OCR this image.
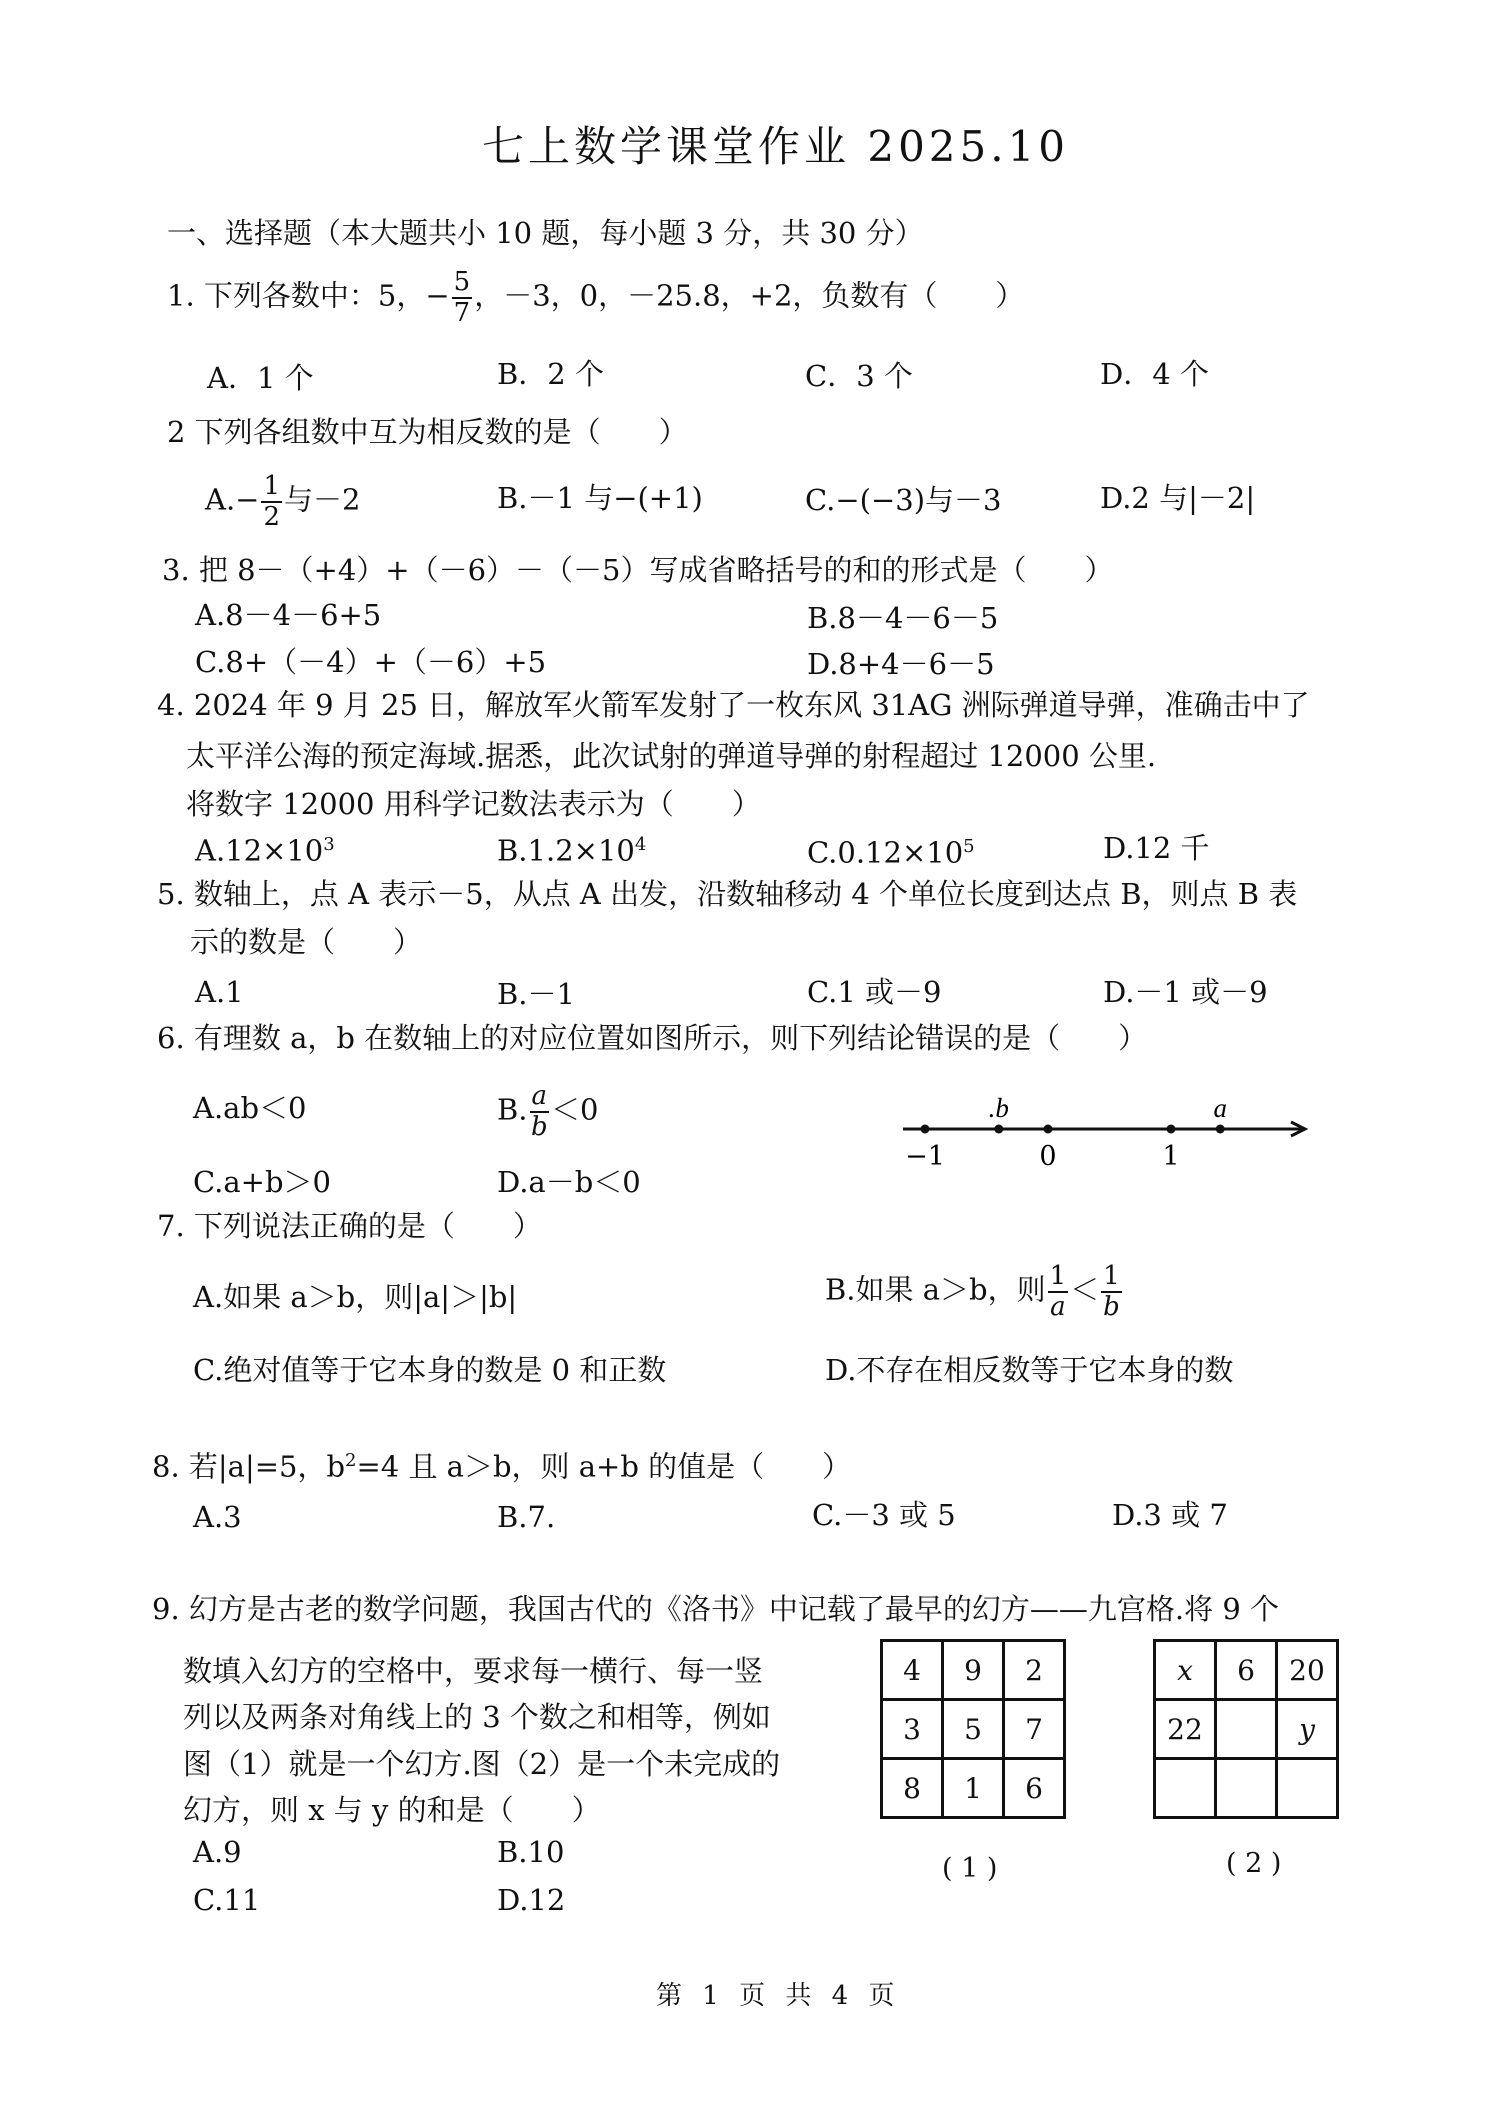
七上数学课堂作业 2025.10
一、选择题（本大题共小 10 题，每小题 3 分，共 30 分）
1. 下列各数中：5，− $\frac{5}{7}$ ，－3，0，－25.8，+2，负数有（　　）
A．1 个	B．2 个	C．3 个	D．4 个
2 下列各组数中互为相反数的是（　　）
$A.- \frac{1}{2}$ 与－2	B.－1 与−(+1)	C.−(−3)与－3	D.2 与|－2|
3. 把 8－（+4）+（－6）－（－5）写成省略括号的和的形式是（　　）
A.8－4－6+5	B.8－4－6－5
C.8+（－4）+（－6）+5	D.8+4－6－5
4. 2024 年 9 月 25 日，解放军火箭军发射了一枚东风 31AG 洲际弹道导弹，准确击中了
太平洋公海的预定海域.据悉，此次试射的弹道导弹的射程超过 12000 公里.
将数字 12000 用科学记数法表示为（　　）
$A.12\times 10^3$	$B.1.2\times 10^4$	$C.0.12\times 10^5$	D.12 千
5. 数轴上，点 A 表示－5，从点 A 出发，沿数轴移动 4 个单位长度到达点 B，则点 B 表
示的数是（　　）
A.1	B.－1	C.1 或－9	D.－1 或－9
6. 有理数 a，b 在数轴上的对应位置如图所示，则下列结论错误的是（　　）
A.ab＜0	B. $\frac{a}{b} <0$
C.a+b＞0	D.a－b＜0
−1	0	1
.b	a
7. 下列说法正确的是（　　）
A.如果 a＞b，则|a|＞|b|	B.如果 a＞b，则 $\frac{1}{a} < \frac{1}{b}$
C.绝对值等于它本身的数是 0 和正数	D.不存在相反数等于它本身的数
8. 若|a|=5，$b^2=4$ 且 a＞b，则 a+b 的值是（　　）
A.3	B.7.	C.－3 或 5	D.3 或 7
9. 幻方是古老的数学问题，我国古代的《洛书》中记载了最早的幻方——九宫格.将 9 个
数填入幻方的空格中，要求每一横行、每一竖
列以及两条对角线上的 3 个数之和相等，例如
图（1）就是一个幻方.图（2）是一个未完成的
幻方，则 x 与 y 的和是（　　）
A.9	B.10
C.11	D.12
4	9	2
3	5	7
8	1	6
( 1 )
x	6	20
22		y

( 2 )
第 1 页 共 4 页
